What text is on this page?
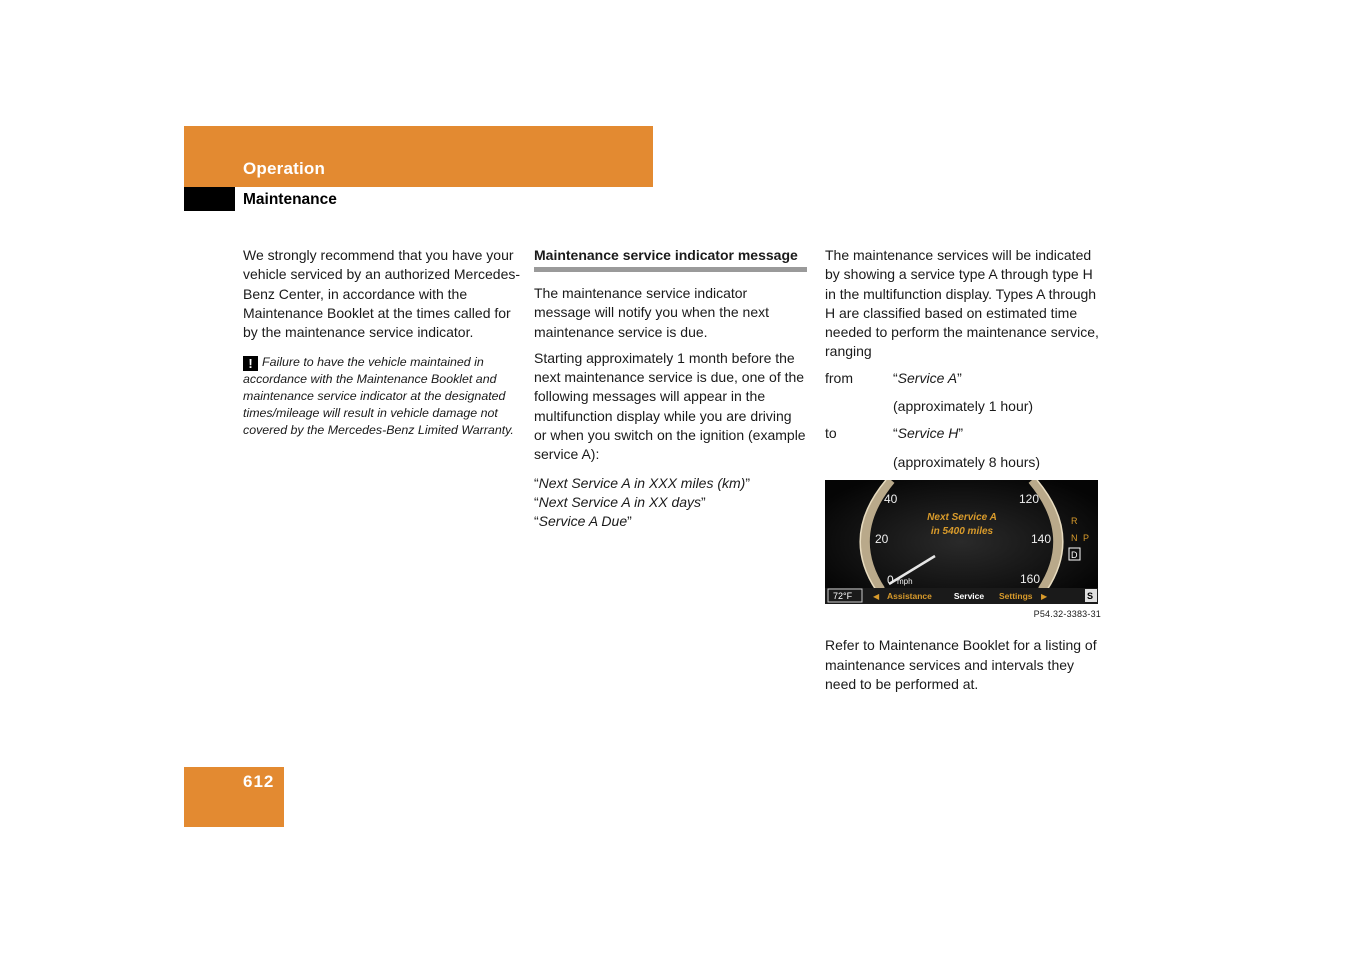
Operation
Maintenance

We strongly recommend that you have your vehicle serviced by an authorized Mercedes-Benz Center, in accordance with the Maintenance Booklet at the times called for by the maintenance service indicator.

! Failure to have the vehicle maintained in accordance with the Maintenance Booklet and maintenance service indicator at the designated times/mileage will result in vehicle damage not covered by the Mercedes-Benz Limited Warranty.
Maintenance service indicator message

The maintenance service indicator message will notify you when the next maintenance service is due.

Starting approximately 1 month before the next maintenance service is due, one of the following messages will appear in the multifunction display while you are driving or when you switch on the ignition (example service A):

“Next Service A in XXX miles (km)”
“Next Service A in XX days”
“Service A Due”

The maintenance services will be indicated by showing a service type A through type H in the multifunction display. Types A through H are classified based on estimated time needed to perform the maintenance service, ranging

from	“Service A”
(approximately 1 hour)
to	“Service H”
(approximately 8 hours)
40
20
0 mph
120
140
160
Next Service A
in 5400 miles
R
N P
D
72°F	◀ Assistance	Service Settings ▶	S
P54.32-3383-31

Refer to Maintenance Booklet for a listing of maintenance services and intervals they need to be performed at.

612
